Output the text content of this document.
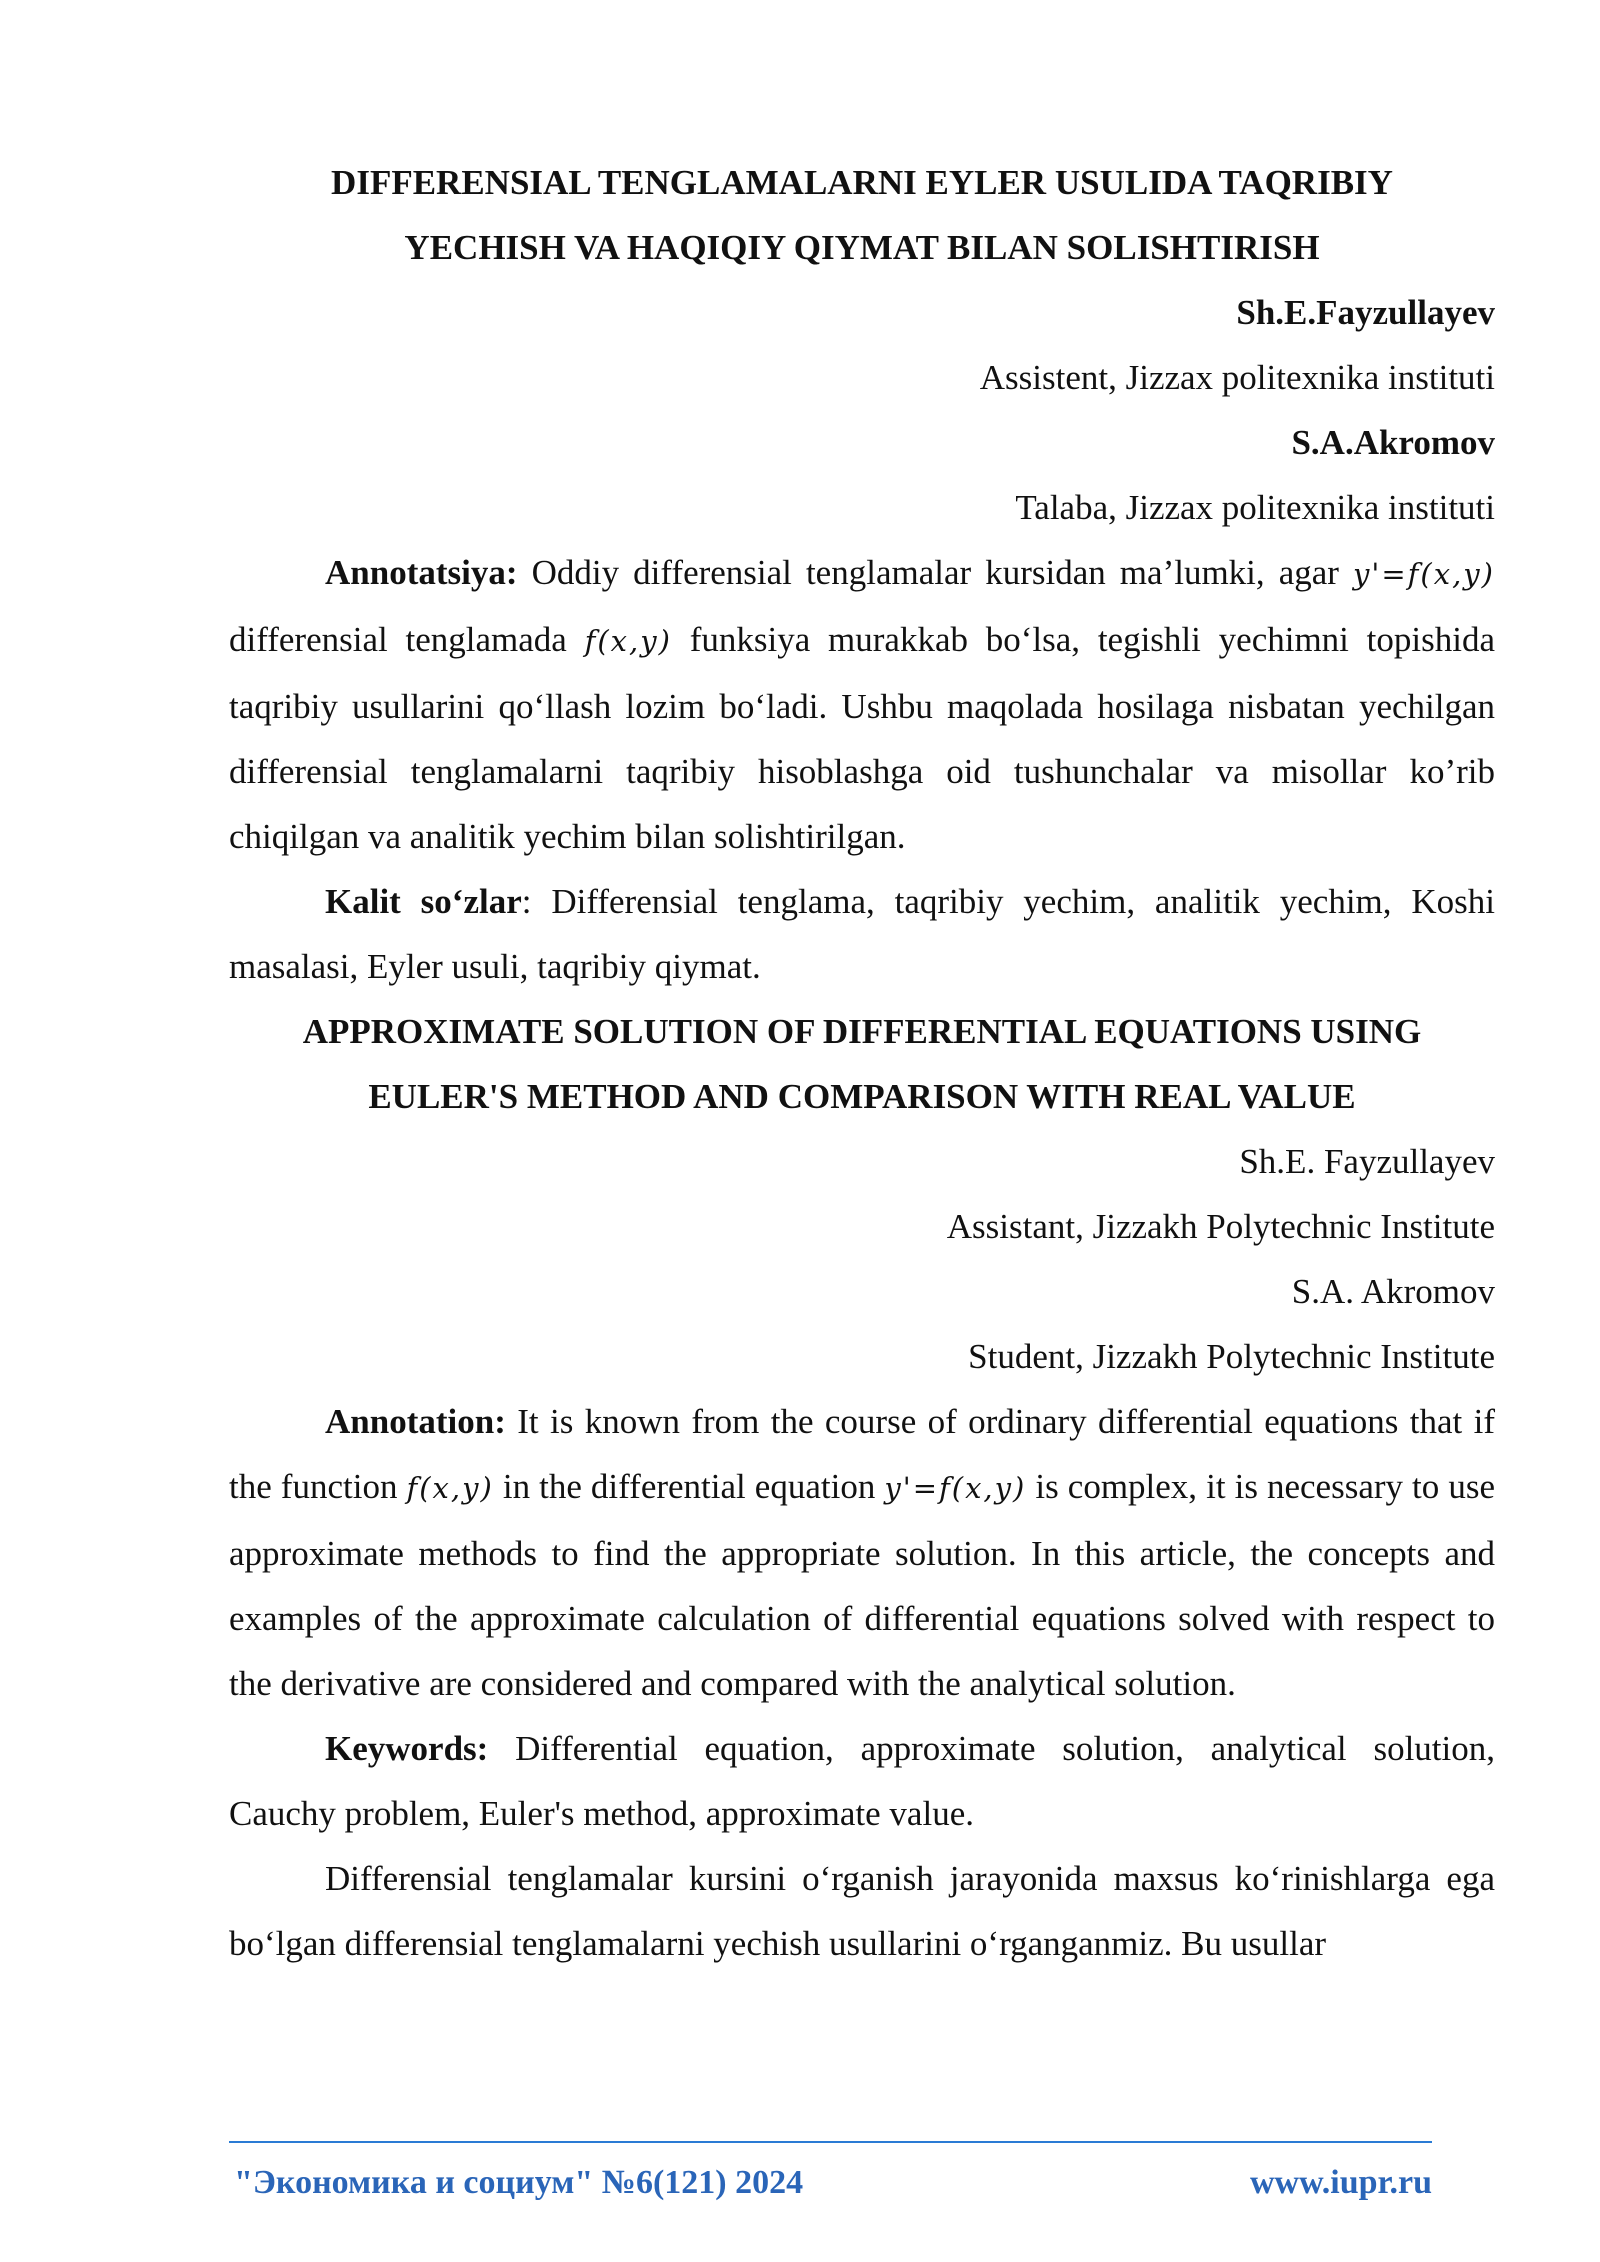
DIFFERENSIAL TENGLAMALARNI EYLER USULIDA TAQRIBIY

YECHISH VA HAQIQIY QIYMAT BILAN SOLISHTIRISH

Sh.E.Fayzullayev

Assistent, Jizzax politexnika instituti

S.A.Akromov

Talaba, Jizzax politexnika instituti

Annotatsiya: Oddiy differensial tenglamalar kursidan ma’lumki, agar y'=f(x,y) differensial tenglamada f(x,y) funksiya murakkab bo‘lsa, tegishli yechimni topishida taqribiy usullarini qo‘llash lozim bo‘ladi. Ushbu maqolada hosilaga nisbatan yechilgan differensial tenglamalarni taqribiy hisoblashga oid tushunchalar va misollar ko’rib chiqilgan va analitik yechim bilan solishtirilgan.

Kalit so‘zlar: Differensial tenglama, taqribiy yechim, analitik yechim, Koshi masalasi, Eyler usuli, taqribiy qiymat.

APPROXIMATE SOLUTION OF DIFFERENTIAL EQUATIONS USING

EULER'S METHOD AND COMPARISON WITH REAL VALUE

Sh.E. Fayzullayev

Assistant, Jizzakh Polytechnic Institute

S.A. Akromov

Student, Jizzakh Polytechnic Institute

Annotation: It is known from the course of ordinary differential equations that if the function f(x,y) in the differential equation y'=f(x,y) is complex, it is necessary to use approximate methods to find the appropriate solution. In this article, the concepts and examples of the approximate calculation of differential equations solved with respect to the derivative are considered and compared with the analytical solution.

Keywords: Differential equation, approximate solution, analytical solution, Cauchy problem, Euler's method, approximate value.

Differensial tenglamalar kursini o‘rganish jarayonida maxsus ko‘rinishlarga ega bo‘lgan differensial tenglamalarni yechish usullarini o‘rganganmiz. Bu usullar

"Экономика и социум" №6(121) 2024	www.iupr.ru
